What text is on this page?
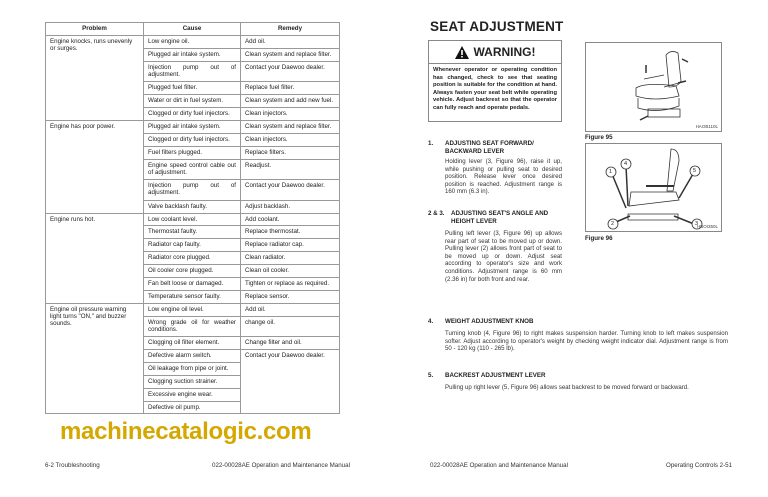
Problem	Cause	Remedy
Engine knocks, runs unevenly or surges.	Low engine oil.	Add oil.
	Plugged air intake system.	Clean system and replace filter.
	Injection pump out of adjustment.	Contact your Daewoo dealer.
	Plugged fuel filter.	Replace fuel filter.
	Water or dirt in fuel system.	Clean system and add new fuel.
	Clogged or dirty fuel injectors.	Clean injectors.
Engine has poor power.	Plugged air intake system.	Clean system and replace filter.
	Clogged or dirty fuel injectors.	Clean injectors.
	Fuel filters plugged.	Replace filters.
	Engine speed control cable out of adjustment.	Readjust.
	Injection pump out of adjustment.	Contact your Daewoo dealer.
	Valve backlash faulty.	Adjust backlash.
Engine runs hot.	Low coolant level.	Add coolant.
	Thermostat faulty.	Replace thermostat.
	Radiator cap faulty.	Replace radiator cap.
	Radiator core plugged.	Clean radiator.
	Oil cooler core plugged.	Clean oil cooler.
	Fan belt loose or damaged.	Tighten or replace as required.
	Temperature sensor faulty.	Replace sensor.
Engine oil pressure warning light turns "ON," and buzzer sounds.	Low engine oil level.	Add oil.
	Wrong grade oil for weather conditions.	change oil.
	Clogging oil filter element.	Change filter and oil.
	Defective alarm switch.	Contact your Daewoo dealer.
	Oil leakage from pipe or joint.	
	Clogging suction strainer.	
	Excessive engine wear.	
	Defective oil pump.	
machinecatalogic.com
6-2 Troubleshooting	022-00028AE Operation and Maintenance Manual
SEAT ADJUSTMENT
WARNING!

Whenever operator or operating condition has changed, check to see that seating position is suitable for the condition at hand. Always fasten your seat belt while operating vehicle. Adjust backrest so that the operator can fully reach and operate pedals.

1. ADJUSTING SEAT FORWARD/ BACKWARD LEVER
Holding lever (3, Figure 96), raise it up, while pushing or pulling seat to desired position. Release lever once desired position is reached. Adjustment range is 160 mm (6.3 in).
2 & 3. ADJUSTING SEAT'S ANGLE AND HEIGHT LEVER
Pulling left lever (3, Figure 96) up allows rear part of seat to be moved up or down. Pulling lever (2) allows front part of seat to be moved up or down. Adjust seat according to operator's size and work conditions. Adjustment range is 60 mm (2.36 in) for both front and rear.
4. WEIGHT ADJUSTMENT KNOB
Turning knob (4, Figure 96) to right makes suspension harder. Turning knob to left makes suspension softer. Adjust according to operator's weight by checking weight indicator dial. Adjustment range is from 50 - 120 kg (110 - 265 lb).
5. BACKREST ADJUSTMENT LEVER
Pulling up right lever (5, Figure 96) allows seat backrest to be moved forward or backward.
HAOB110L
Figure 95
1
4
5
2	3
HBOI350L
Figure 96
022-00028AE Operation and Maintenance Manual	Operating Controls 2-51
